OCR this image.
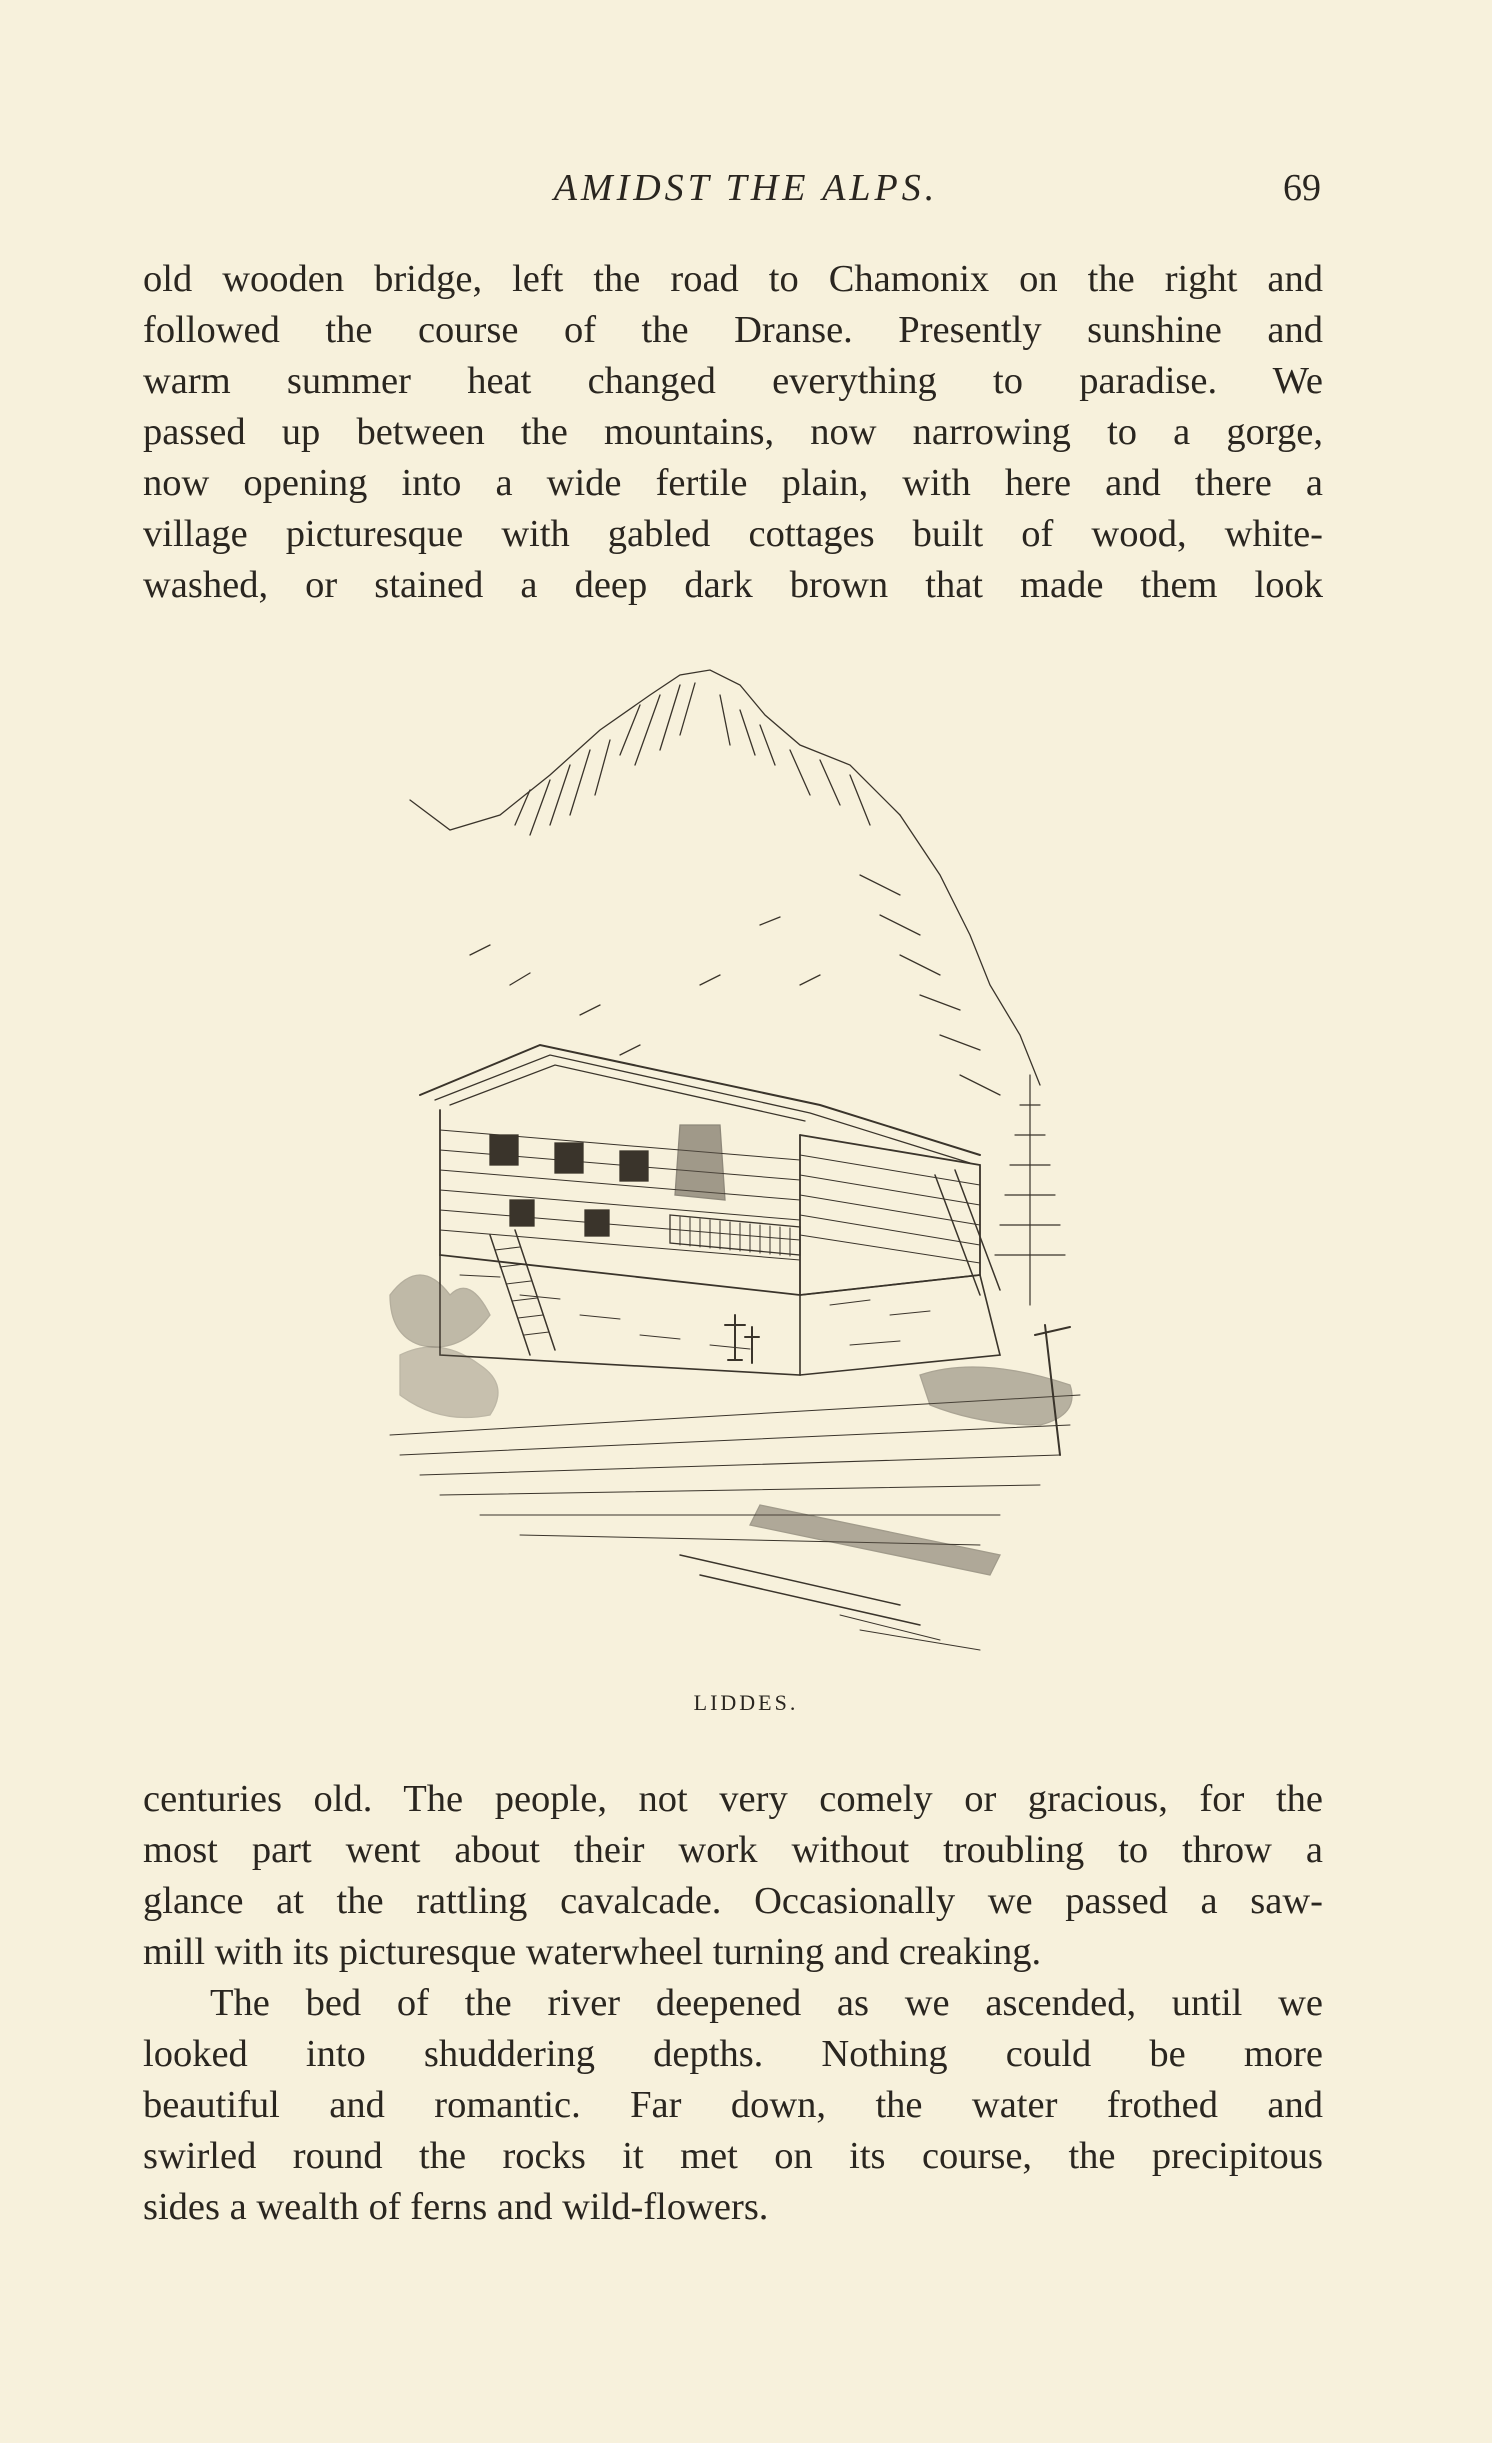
AMIDST THE ALPS.	69
old wooden bridge, left the road to Chamonix on the right and
followed the course of the Dranse. Presently sunshine and
warm summer heat changed everything to paradise. We
passed up between the mountains, now narrowing to a gorge,
now opening into a wide fertile plain, with here and there a
village picturesque with gabled cottages built of wood, white-
washed, or stained a deep dark brown that made them look
LIDDES.
centuries old. The people, not very comely or gracious, for the
most part went about their work without troubling to throw a
glance at the rattling cavalcade. Occasionally we passed a saw-
mill with its picturesque waterwheel turning and creaking.
The bed of the river deepened as we ascended, until we
looked into shuddering depths. Nothing could be more
beautiful and romantic. Far down, the water frothed and
swirled round the rocks it met on its course, the precipitous
sides a wealth of ferns and wild-flowers.
